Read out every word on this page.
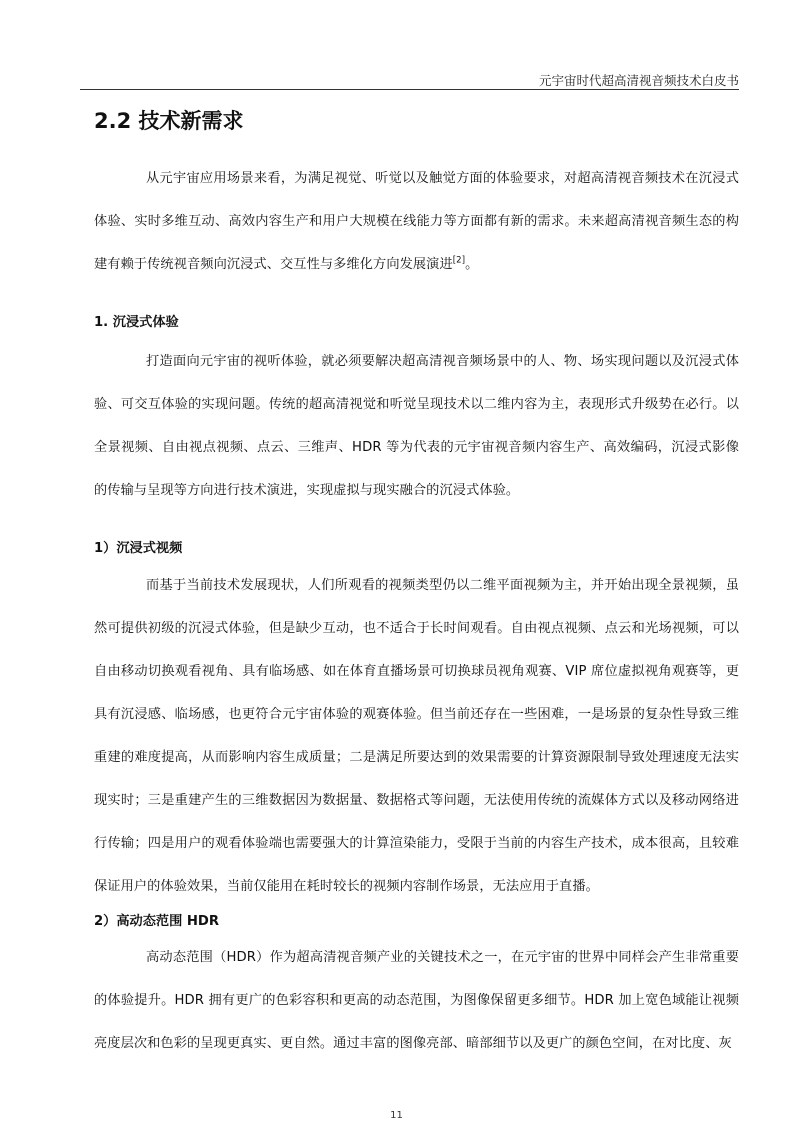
元宇宙时代超高清视音频技术白皮书
2.2 技术新需求

从元宇宙应用场景来看，为满足视觉、听觉以及触觉方面的体验要求，对超高清视音频技术在沉浸式体验、实时多维互动、高效内容生产和用户大规模在线能力等方面都有新的需求。未来超高清视音频生态的构建有赖于传统视音频向沉浸式、交互性与多维化方向发展演进[2]。

1. 沉浸式体验

打造面向元宇宙的视听体验，就必须要解决超高清视音频场景中的人、物、场实现问题以及沉浸式体验、可交互体验的实现问题。传统的超高清视觉和听觉呈现技术以二维内容为主，表现形式升级势在必行。以全景视频、自由视点视频、点云、三维声、HDR 等为代表的元宇宙视音频内容生产、高效编码，沉浸式影像的传输与呈现等方向进行技术演进，实现虚拟与现实融合的沉浸式体验。

1）沉浸式视频

而基于当前技术发展现状，人们所观看的视频类型仍以二维平面视频为主，并开始出现全景视频，虽然可提供初级的沉浸式体验，但是缺少互动，也不适合于长时间观看。自由视点视频、点云和光场视频，可以自由移动切换观看视角、具有临场感、如在体育直播场景可切换球员视角观赛、VIP 席位虚拟视角观赛等，更具有沉浸感、临场感，也更符合元宇宙体验的观赛体验。但当前还存在一些困难，一是场景的复杂性导致三维重建的难度提高，从而影响内容生成质量；二是满足所要达到的效果需要的计算资源限制导致处理速度无法实现实时；三是重建产生的三维数据因为数据量、数据格式等问题，无法使用传统的流媒体方式以及移动网络进行传输；四是用户的观看体验端也需要强大的计算渲染能力，受限于当前的内容生产技术，成本很高，且较难保证用户的体验效果，当前仅能用在耗时较长的视频内容制作场景，无法应用于直播。

2）高动态范围 HDR

高动态范围（HDR）作为超高清视音频产业的关键技术之一，在元宇宙的世界中同样会产生非常重要的体验提升。HDR 拥有更广的色彩容积和更高的动态范围，为图像保留更多细节。HDR 加上宽色域能让视频亮度层次和色彩的呈现更真实、更自然。通过丰富的图像亮部、暗部细节以及更广的颜色空间，在对比度、灰

11
